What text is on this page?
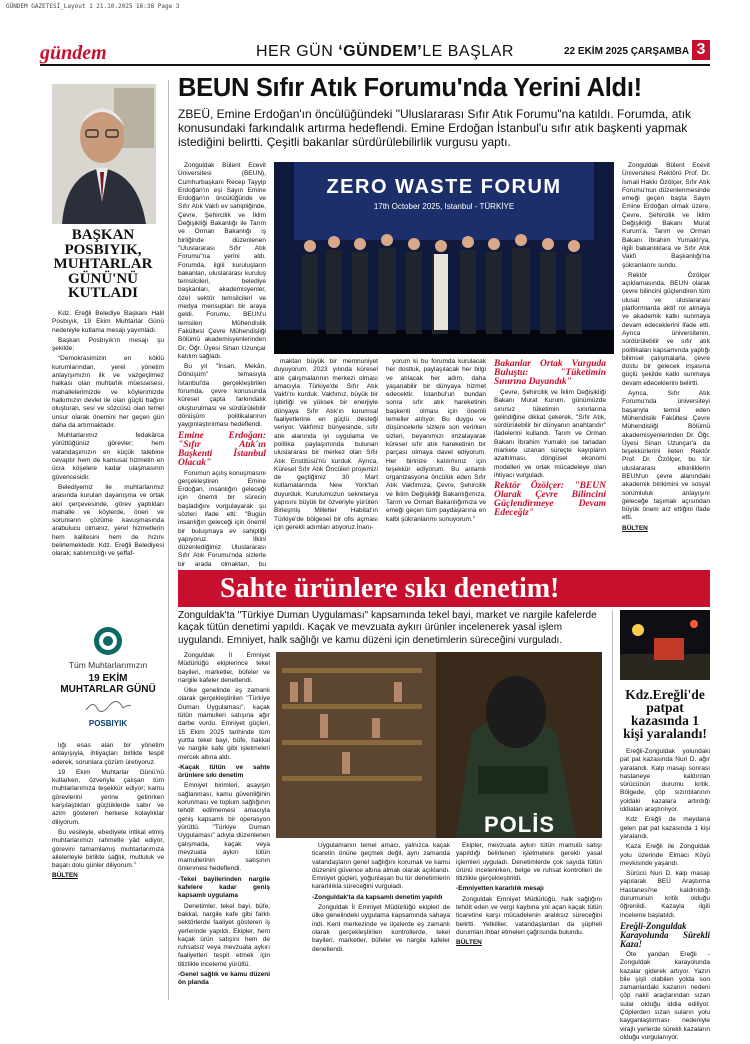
GÜNDEM GAZETESİ_Layout 1 21.10.2025 16:38 Page 3
gündem	HER GÜN ‘GÜNDEM’LE BAŞLAR	22 EKİM 2025 ÇARŞAMBA 3
BAŞKAN POSBIYIK, MUHTARLAR GÜNÜ'NÜ KUTLADI

Kdz. Ereğli Belediye Başkanı Halil Posbıyık, 19 Ekim Muhtarlar Günü nedeniyle kutlama mesajı yayımladı.

Başkan Posbıyık'ın mesajı şu şekilde;

“Demokrasimizin en köklü kurumlarından, yerel yönetim anlayışımızın ilk ve vazgeçilmez halkası olan muhtarlık müessesesi, mahallelerimizde ve köylerimizde halkımızın devlet ile olan güçlü bağını oluşturan, sesi ve sözcüsü olan temel unsur olarak önemini her geçen gün daha da artırmaktadır.

Muhtarlarımız fedakârca yürüttüğünüz görevler; hem vatandaşımızın en küçük talebine cevaptır hem de kamusal hizmetin en ücra köşelere kadar ulaşmasının güvencesidir.

Belediyemiz ile muhtarlarımız arasında kurulan dayanışma ve ortak akıl çerçevesinde, görev yaptıkları mahalle ve köylerde, öneri ve sorunların çözüme kavuşmasında arabulucu olmanız, yerel hizmetlerin hem kalitesini hem de hızını belirlemektedir. Kdz. Ereğli Belediyesi olarak; katılımcılığı ve şeffaf-

Tüm Muhtarlarımızın
19 EKİM MUHTARLAR GÜNÜ
POSBIYIK

lığı esas alan bir yönetim anlayışıyla, ihtiyaçları birlikte tespit ederek, sorunlara çözüm üretiyoruz.

19 Ekim Muhtarlar Günü'nü kutlarken, özveriyle çalışan tüm muhtarlarımıza teşekkür ediyor; kamu görevlerini yerine getirirken karşılaştıkları güçlüklerde sabır ve azim gösteren herkese kolaylıklar diliyorum.

Bu vesileyle, ebediyete intikal etmiş muhtarlarımızı rahmetle yâd ediyor, görevini tamamlamış muhtarlarımıza ailelerleyle birlikte sağlık, mutluluk ve başarı dolu günler diliyorum.”

BÜLTEN
BEUN Sıfır Atık Forumu'nda Yerini Aldı!
ZBEÜ, Emine Erdoğan'ın öncülüğündeki "Uluslararası Sıfır Atık Forumu"na katıldı. Forumda, atık konusundaki farkındalık artırma hedeflendi. Emine Erdoğan İstanbul'u sıfır atık başkenti yapmak istediğini belirtti. Çeşitli bakanlar sürdürülebilirlik vurgusu yaptı.

Zonguldak Bülent Ecevit Üniversitesi (BEUN), Cumhurbaşkanı Recep Tayyip Erdoğan'ın eşi Sayın Emine Erdoğan'ın öncülüğünde ve Sıfır Atık Vakfı ev sahipliğinde, Çevre, Şehircilik ve İklim Değişikliği Bakanlığı ile Tarım ve Orman Bakanlığı iş birliğinde düzenlenen "Uluslararası Sıfır Atık Forumu"na yerini aldı. Forumda, ilgili kuruluşların bakanları, uluslararası kuruluş temsilcileri, belediye başkanları, akademisyenler, özel sektör temsilcileri ve medya mensupları bir araya geldi. Forumu, BEUN'u temsilen Mühendislik Fakültesi Çevre Mühendisliği Bölümü akademisyenlerinden Dr. Öğr. Üyesi Sinan Uzunçar katılım sağladı.

Bu yıl "İnsan, Mekân, Dönüşüm" temasıyla İstanbul'da gerçekleştirilen forumda, çevre konusunda küresel çapta farkındalık oluşturulması ve sürdürülebilir dönüşüm politikalarının yaygınlaştırılması hedeflendi.

Emine Erdoğan: "Sıfır Atık'ın Başkenti İstanbul Olacak"

Forumun açılış konuşmasını gerçekleştiren Emine Erdoğan, insanlığın geleceği için önemli bir sürecin başladığını vurgulayarak şu sözleri ifade etti: "Bugün insanlığın geleceği için önemli bir buluşmaya ev sahipliği yapıyoruz. İlkini düzenlediğimiz Uluslararası Sıfır Atık Forumu'nda sizlerle bir arada olmaktan, bu

ZERO WASTE FORUM
17th October 2025, Istanbul - TÜRKİYE

maktan büyük bir memnuniyet duyuyorum. 2023 yılında küresel atık çalışmalarının merkezi olması amacıyla Türkiye'de Sıfır Atık Vakfı'nı kurduk. Vakfımız, büyük bir işbirliği ve yüksek bir enerjiyle dünyaya Sıfır Atık'ın kurumsal faaliyetlerine en güçlü desteği veriyor. Vakfımız bünyesinde, sıfır atık alanında iyi uygulama ve politika paylaşımında bulunan uluslararası bir merkez olan Sıfır Atık Enstitüsü'nü kurduk. Ayrıca, Küresel Sıfır Atık Öncüleri projemizi de geçtiğimiz 30 Mart kutlamalarında New York'tan duyurduk. Kurulumuzun sekreterya yapısını büyük bir özveriyle yürüten Birleşmiş Milletler Habitat'ın Türkiye'de bölgesel bir ofis açması için gerekli adımları atıyoruz.İnanı-

yorum ki bu forumda kurulacak her dostluk, paylaşılacak her bilgi ve atılacak her adım, daha yaşanabilir bir dünyaya hizmet edecektir. İstanbul'un bundan sonra sıfır atık hareketinin başkenti olması için önemli temeller atılıyor. Bu duygu ve düşüncelerle sizlere son verirken sizleri, beyanımızı imzalayarak küresel sıfır atık hareketinin bir parçası olmaya davet ediyorum. Her birinize katılımınız için teşekkür ediyorum. Bu anlamlı organizasyona öncülük eden Sıfır Atık Vakfımıza, Çevre, Şehircilik ve İklim Değişikliği Bakanlığımıza, Tarım ve Orman Bakanlığımıza ve emeği geçen tüm paydaşlarına en kalbi şükranlarımı sunuyorum."

Bakanlar Ortak Vurguda Buluştu: "Tüketimin Sınırına Dayandık"

Çevre, Şehircilik ve İklim Değişikliği Bakanı Murat Kurum, günümüzde sınırsız tüketimin sınırlarına gelindiğine dikkat çekerek, "Sıfır Atık, sürdürülebilir bir dünyanın anahtarıdır" ifadelerini kullandı. Tarım ve Orman Bakanı İbrahim Yumaklı ise tarladan markete uzanan süreçte kayıpların azaltılması, döngüsel ekonomi modelleri ve ortak mücadeleye olan ihtiyacı vurguladı.

Rektör Özölçer: "BEUN Olarak Çevre Bilincini Güçlendirmeye Devam Edeceğiz"

Zonguldak Bülent Ecevit Üniversitesi Rektörü Prof. Dr. İsmail Hakkı Özölçer, Sıfır Atık Forumu'nun düzenlenmesinde emeği geçen başta Sayın Emine Erdoğan olmak üzere, Çevre, Şehircilik ve İklim Değişikliği Bakanı Murat Kurum'a, Tarım ve Orman Bakanı İbrahim Yumaklı'ya, ilgili bakanlıklara ve Sıfır Atık Vakfı Başkanlığı'na şükranlarını sundu.

Rektör Özölçer açıklamasında, BEUN olarak çevre bilincini güçlendiren tüm ulusal ve uluslararası platformlarda aktif rol almaya ve akademik katkı sunmaya devam edeceklerini ifade etti. Ayrıca üniversitenin, sürdürülebilir ve sıfır atık politikaları kapsamında yaptığı bilimsel çalışmalarla, çevre dostu bir gelecek inşasına güçlü şekilde katkı sunmaya devam edeceklerini belirtti.

Ayrıca, Sıfır Atık Forumu'nda üniversiteyi başarıyla temsil eden Mühendislik Fakültesi Çevre Mühendisliği Bölümü akademisyenlerinden Dr. Öğr. Üyesi Sinan Uzunçar'a da teşekkürlerini ileten Rektör Prof. Dr. Özölçer, bu tür uluslararası etkinliklerin BEUN'un çevre alanındaki akademik birikimini ve sosyal sorumluluk anlayışını geleceğe taşımak açısından büyük önem arz ettiğini ifade etti.

BÜLTEN
Sahte ürünlere sıkı denetim!
Zonguldak'ta "Türkiye Duman Uygulaması" kapsamında tekel bayi, market ve nargile kafelerde kaçak tütün denetimi yapıldı. Kaçak ve mevzuata aykırı ürünler incelenerek yasal işlem uygulandı. Emniyet, halk sağlığı ve kamu düzeni için denetimlerin süreceğini vurguladı.
POLİS

Zonguldak İl Emniyet Müdürlüğü ekiplerince tekel bayileri, marketler, büfeler ve nargile kafeler denetlendi.

Ülke genelinde eş zamanlı olarak gerçekleştirilen "Türkiye Duman Uygulaması", kaçak tütün mamulleri satışına ağır darbe vurdu. Emniyet güçleri, 15 Ekim 2025 tarihinde tüm yurtta tekel bayi, büfe, bakkal ve nargile kafe gibi işletmeleri mercek altına aldı.

-Kaçak tütün ve sahte ürünlere sıkı denetim

Emniyet birimleri, asayişin sağlanması, kamu güvenliğinin korunması ve toplum sağlığının tehdit edilmemesi amacıyla geniş kapsamlı bir operasyon yürüttü. "Türkiye Duman Uygulaması" adıyla düzenlenen çalışmada, kaçak veya mevzuata aykırı tütün mamullerinin satışının önlenmesi hedeflendi.

-Tekel bayilerinden nargile kafelere kadar geniş kapsamlı uygulama

Denetimler, tekel bayi, büfe, bakkal, nargile kafe gibi farklı sektörlerde faaliyet gösteren iş yerlerinde yapıldı. Ekipler, hem kaçak ürün satışını hem de ruhsatsız veya mevzuata aykırı faaliyetleri tespit etmek için titizlikle inceleme yürüttü.

-Genel sağlık ve kamu düzeni ön planda

Uygulamanın temel amacı, yalnızca kaçak ticaretin önüne geçmek değil, aynı zamanda vatandaşların genel sağlığını korumak ve kamu düzenini güvence altına almak olarak açıklandı. Emniyet güçleri, yoğunlaşan bu tür denetimlerin kararlılıkla süreceğini vurguladı.

-Zonguldak'ta da kapsamlı denetim yapıldı

Zonguldak İl Emniyet Müdürlüğü ekipleri de ülke genelindeki uygulama kapsamında sahaya indi. Kent merkezinde ve ilçelerde eş zamanlı olarak gerçekleştirilen kontrollerde, tekel bayileri, marketler, büfeler ve nargile kafeler denetlendi.

Ekipler, mevzuata aykırı tütün mamulü satışı yapıldığı belirlenen işletmelere gerekli yasal işlemleri uyguladı. Denetimlerde çok sayıda tütün ürünü incelenirken, belge ve ruhsat kontrolleri de titizlikle gerçekleştirildi.

-Emniyetten kararlılık mesajı

Zonguldak Emniyet Müdürlüğü, halk sağlığını tehdit eden ve vergi kaybına yol açan kaçak tütün ticaretine karşı mücadelenin aralıksız süreceğini belirtti. Yetkililer, vatandaşlardan da şüpheli durumları ihbar etmeleri çağrısında bulundu.

BÜLTEN
Kdz.Ereğli'de patpat kazasında 1 kişi yaralandı!

Ereğli-Zonguldak yolundaki pat pat kazasında Nuri D. ağır yaralandı. Kalp masajı sonrası hastaneye kaldırılan sürücünün durumu kritik. Bölgede, çöp sızıntılarının yoldaki kazalara artırdığı iddiaları araştırılıyor.

Kdz Ereğli de meydana gelen pat pat kazasında 1 kişi yaralandı.

Kaza Ereğli ile Zonguldak yolu üzerinde Elmacı Köyü mevkisinde yaşandı.

Sürücü Nuri D. kalp masajı yapılarak BEÜ Araştırma Hastanesi'ne kaldırıldığı durumunun kritik olduğu öğrenildi. Kazayla ilgili inceleme başlatıldı.

Ereğli-Zonguldak Karayolunda Sürekli Kaza!

Öte yandan Ereğli - Zonguldak karayolunda kazalar giderek artıyor. Yazın bile şişli olabilen yolda son zamanlardaki kazanın nedeni çöp nakil araçlarından sızan sular olduğu iddia ediliyor. Çöplerden sızan suların yolu kayganlaştırması nedeniyle virajlı yerlerde sürekli kazaların olduğu vurgulanıyor.
